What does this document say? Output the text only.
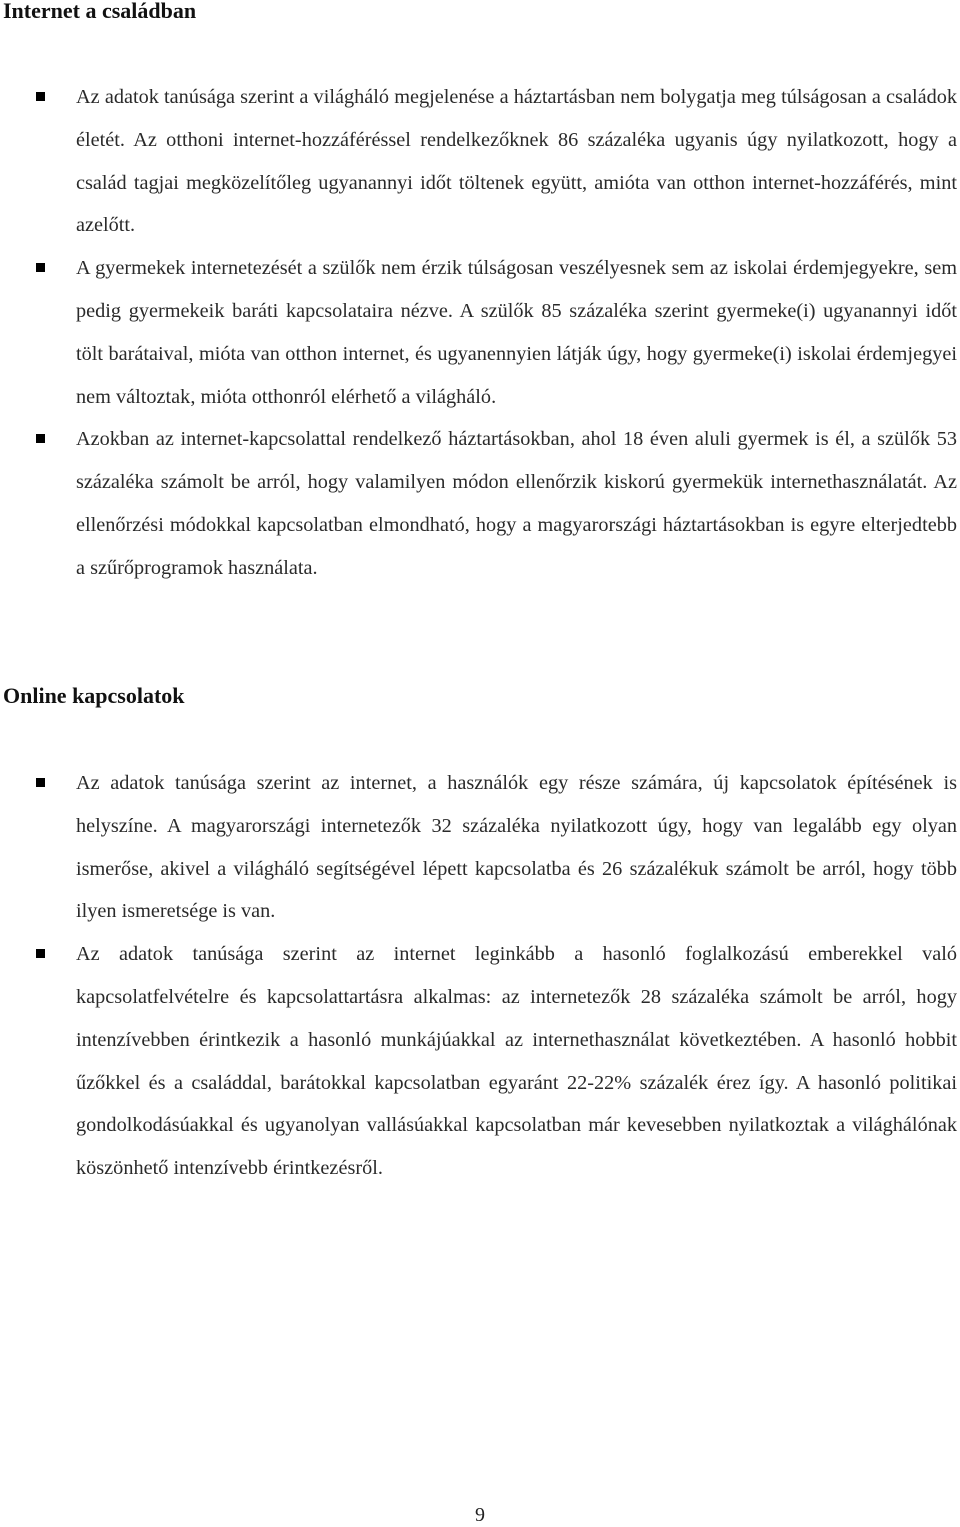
Internet a családban
Az adatok tanúsága szerint a világháló megjelenése a háztartásban nem bolygatja meg túlságosan a családok életét. Az otthoni internet-hozzáféréssel rendelkezőknek 86 százaléka ugyanis úgy nyilatkozott, hogy a család tagjai megközelítőleg ugyanannyi időt töltenek együtt, amióta van otthon internet-hozzáférés, mint azelőtt.
A gyermekek internetezését a szülők nem érzik túlságosan veszélyesnek sem az iskolai érdemjegyekre, sem pedig gyermekeik baráti kapcsolataira nézve. A szülők 85 százaléka szerint gyermeke(i) ugyanannyi időt tölt barátaival, mióta van otthon internet, és ugyanennyien látják úgy, hogy gyermeke(i) iskolai érdemjegyei nem változtak, mióta otthonról elérhető a világháló.
Azokban az internet-kapcsolattal rendelkező háztartásokban, ahol 18 éven aluli gyermek is él, a szülők 53 százaléka számolt be arról, hogy valamilyen módon ellenőrzik kiskorú gyermekük internethasználatát. Az ellenőrzési módokkal kapcsolatban elmondható, hogy a magyarországi háztartásokban is egyre elterjedtebb a szűrőprogramok használata.
Online kapcsolatok
Az adatok tanúsága szerint az internet, a használók egy része számára, új kapcsolatok építésének is helyszíne. A magyarországi internetezők 32 százaléka nyilatkozott úgy, hogy van legalább egy olyan ismerőse, akivel a világháló segítségével lépett kapcsolatba és 26 százalékuk számolt be arról, hogy több ilyen ismeretsége is van.
Az adatok tanúsága szerint az internet leginkább a hasonló foglalkozású emberekkel való kapcsolatfelvételre és kapcsolattartásra alkalmas: az internetezők 28 százaléka számolt be arról, hogy intenzívebben érintkezik a hasonló munkájúakkal az internethasználat következtében. A hasonló hobbit űzőkkel és a családdal, barátokkal kapcsolatban egyaránt 22-22% százalék érez így. A hasonló politikai gondolkodásúakkal és ugyanolyan vallásúakkal kapcsolatban már kevesebben nyilatkoztak a világhálónak köszönhető intenzívebb érintkezésről.
9
